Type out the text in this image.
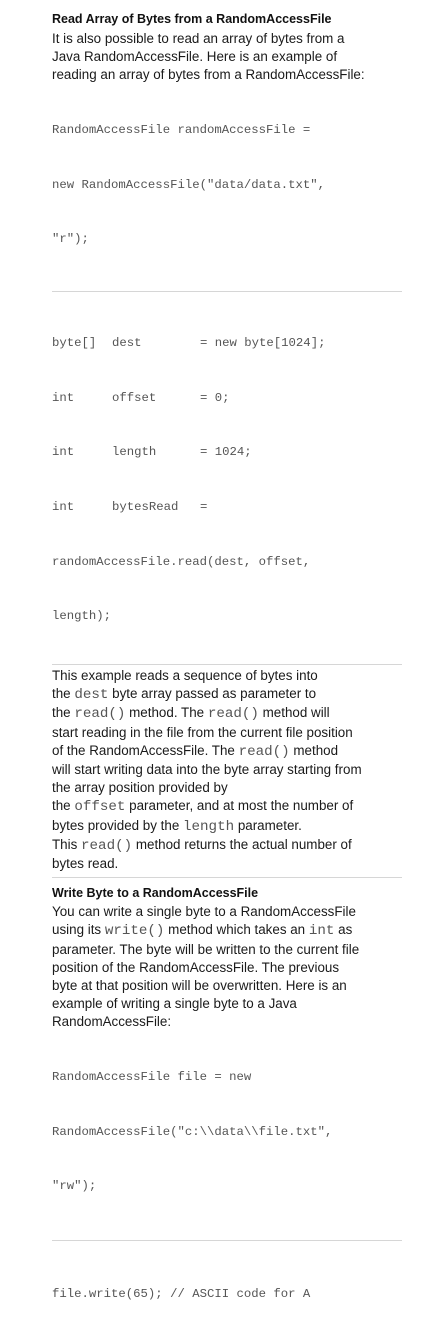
Read Array of Bytes from a RandomAccessFile

It is also possible to read an array of bytes from a
Java RandomAccessFile. Here is an example of
reading an array of bytes from a RandomAccessFile:

RandomAccessFile randomAccessFile =

new RandomAccessFile("data/data.txt",

"r");

byte[] dest	= new byte[1024];

int	offset	= 0;

int	length	= 1024;

int	bytesRead =

randomAccessFile.read(dest, offset,

length);

This example reads a sequence of bytes into
the dest byte array passed as parameter to
the read() method. The read() method will
start reading in the file from the current file position
of the RandomAccessFile. The read() method
will start writing data into the byte array starting from
the array position provided by
the offset parameter, and at most the number of
bytes provided by the length parameter.
This read() method returns the actual number of
bytes read.

Write Byte to a RandomAccessFile

You can write a single byte to a RandomAccessFile
using its write() method which takes an int as
parameter. The byte will be written to the current file
position of the RandomAccessFile. The previous
byte at that position will be overwritten. Here is an
example of writing a single byte to a Java
RandomAccessFile:

RandomAccessFile file = new

RandomAccessFile("c:\\data\\file.txt",

"rw");

file.write(65); // ASCII code for A
